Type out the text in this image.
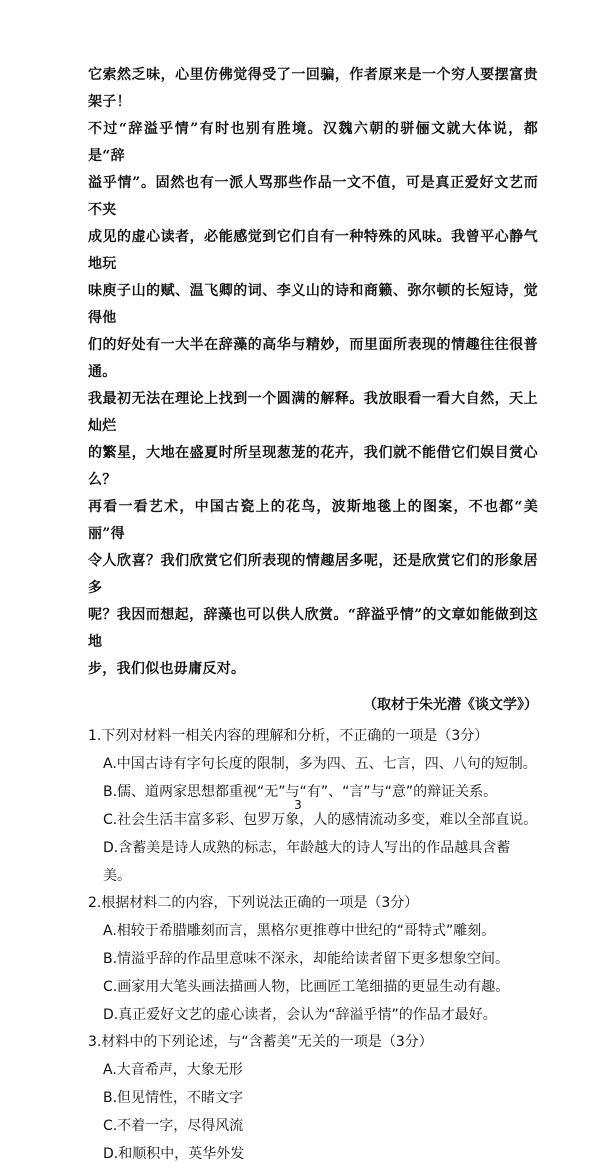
它索然乏味，心里仿佛觉得受了一回骗，作者原来是一个穷人要摆富贵架子！

不过“辞溢乎情”有时也别有胜境。汉魏六朝的骈俪文就大体说，都是“辞

溢乎情”。固然也有一派人骂那些作品一文不值，可是真正爱好文艺而不夹

成见的虚心读者，必能感觉到它们自有一种特殊的风味。我曾平心静气地玩

味庾子山的赋、温飞卿的词、李义山的诗和商籁、弥尔顿的长短诗，觉得他

们的好处有一大半在辞藻的高华与精妙，而里面所表现的情趣往往很普通。

我最初无法在理论上找到一个圆满的解释。我放眼看一看大自然，天上灿烂

的繁星，大地在盛夏时所呈现葱茏的花卉，我们就不能借它们娱目赏心么？

再看一看艺术，中国古瓷上的花鸟，波斯地毯上的图案，不也都“美丽”得

令人欣喜？我们欣赏它们所表现的情趣居多呢，还是欣赏它们的形象居多

呢？我因而想起，辞藻也可以供人欣赏。“辞溢乎情”的文章如能做到这地

步，我们似也毋庸反对。

（取材于朱光潜《谈文学》）

1.下列对材料一相关内容的理解和分析，不正确的一项是（3分）

A.中国古诗有字句长度的限制，多为四、五、七言，四、八句的短制。

B.儒、道两家思想都重视“无”与“有”、“言”与“意”的辩证关系。

C.社会生活丰富多彩、包罗万象，人的感情流动多变，难以全部直说。

D.含蓄美是诗人成熟的标志，年龄越大的诗人写出的作品越具含蓄美。

2.根据材料二的内容，下列说法正确的一项是（3分）

A.相较于希腊雕刻而言，黑格尔更推尊中世纪的“哥特式”雕刻。

B.情溢乎辞的作品里意味不深永，却能给读者留下更多想象空间。

C.画家用大笔头画法描画人物，比画匠工笔细描的更显生动有趣。

D.真正爱好文艺的虚心读者，会认为“辞溢乎情”的作品才最好。

3.材料中的下列论述，与“含蓄美”无关的一项是（3分）

A.大音希声，大象无形

B.但见情性，不睹文字

C.不着一字，尽得风流

D.和顺积中，英华外发

3
